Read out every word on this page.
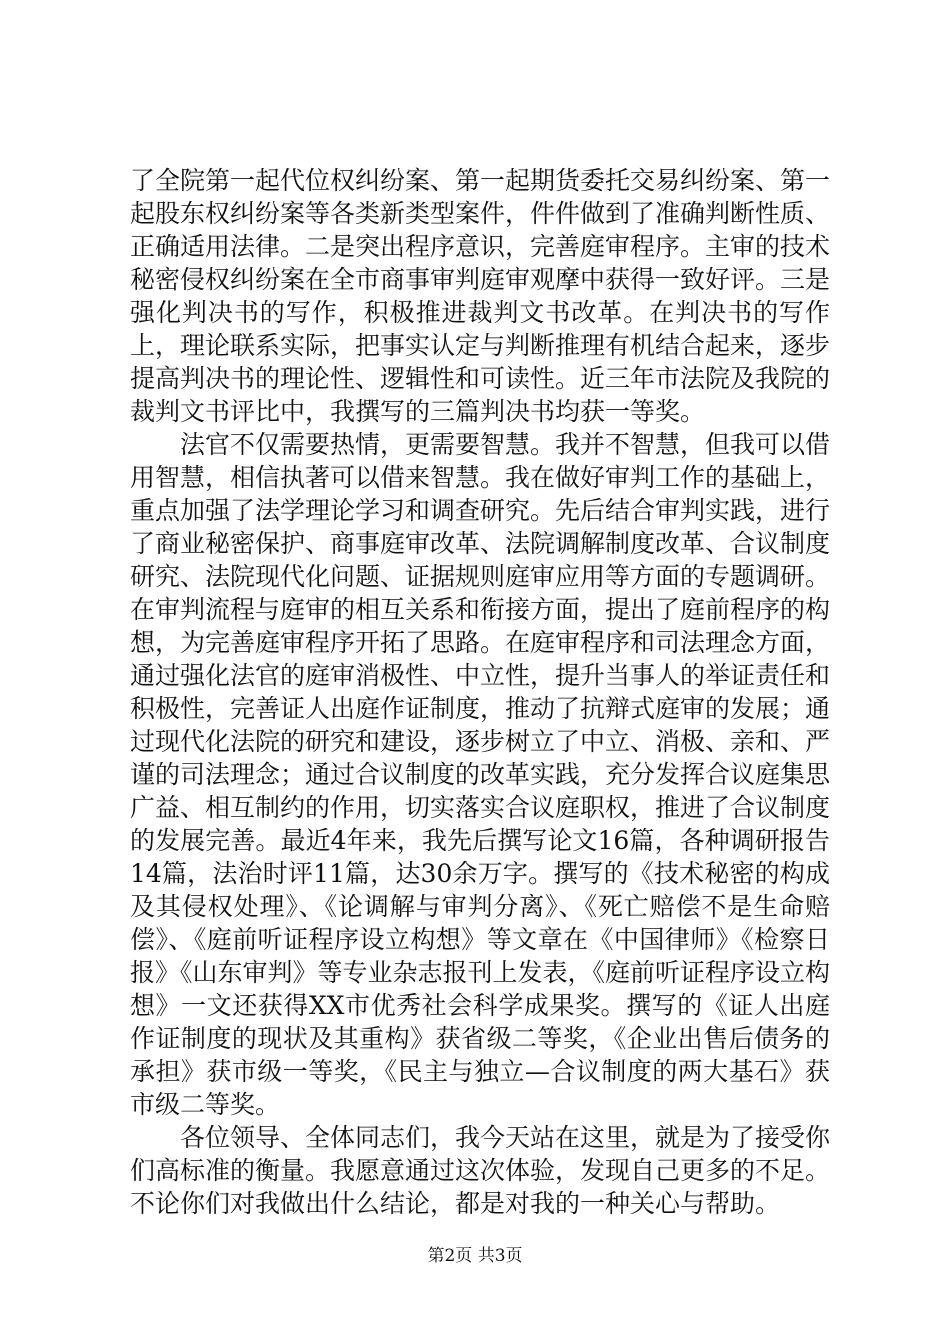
了全院第一起代位权纠纷案、第一起期货委托交易纠纷案、第一起股东权纠纷案等各类新类型案件，件件做到了准确判断性质、正确适用法律。二是突出程序意识，完善庭审程序。主审的技术秘密侵权纠纷案在全市商事审判庭审观摩中获得一致好评。三是强化判决书的写作，积极推进裁判文书改革。在判决书的写作上，理论联系实际，把事实认定与判断推理有机结合起来，逐步提高判决书的理论性、逻辑性和可读性。近三年市法院及我院的裁判文书评比中，我撰写的三篇判决书均获一等奖。

法官不仅需要热情，更需要智慧。我并不智慧，但我可以借用智慧，相信执著可以借来智慧。我在做好审判工作的基础上，重点加强了法学理论学习和调查研究。先后结合审判实践，进行了商业秘密保护、商事庭审改革、法院调解制度改革、合议制度研究、法院现代化问题、证据规则庭审应用等方面的专题调研。在审判流程与庭审的相互关系和衔接方面，提出了庭前程序的构想，为完善庭审程序开拓了思路。在庭审程序和司法理念方面，通过强化法官的庭审消极性、中立性，提升当事人的举证责任和积极性，完善证人出庭作证制度，推动了抗辩式庭审的发展；通过现代化法院的研究和建设，逐步树立了中立、消极、亲和、严谨的司法理念；通过合议制度的改革实践，充分发挥合议庭集思广益、相互制约的作用，切实落实合议庭职权，推进了合议制度的发展完善。最近4年来，我先后撰写论文16篇，各种调研报告14篇，法治时评11篇，达30余万字。撰写的《技术秘密的构成及其侵权处理》、《论调解与审判分离》、《死亡赔偿不是生命赔偿》、《庭前听证程序设立构想》等文章在《中国律师》《检察日报》《山东审判》等专业杂志报刊上发表，《庭前听证程序设立构想》一文还获得XX市优秀社会科学成果奖。撰写的《证人出庭作证制度的现状及其重构》获省级二等奖，《企业出售后债务的承担》获市级一等奖，《民主与独立—合议制度的两大基石》获市级二等奖。

各位领导、全体同志们，我今天站在这里，就是为了接受你们高标准的衡量。我愿意通过这次体验，发现自己更多的不足。不论你们对我做出什么结论，都是对我的一种关心与帮助。

第2页 共3页
